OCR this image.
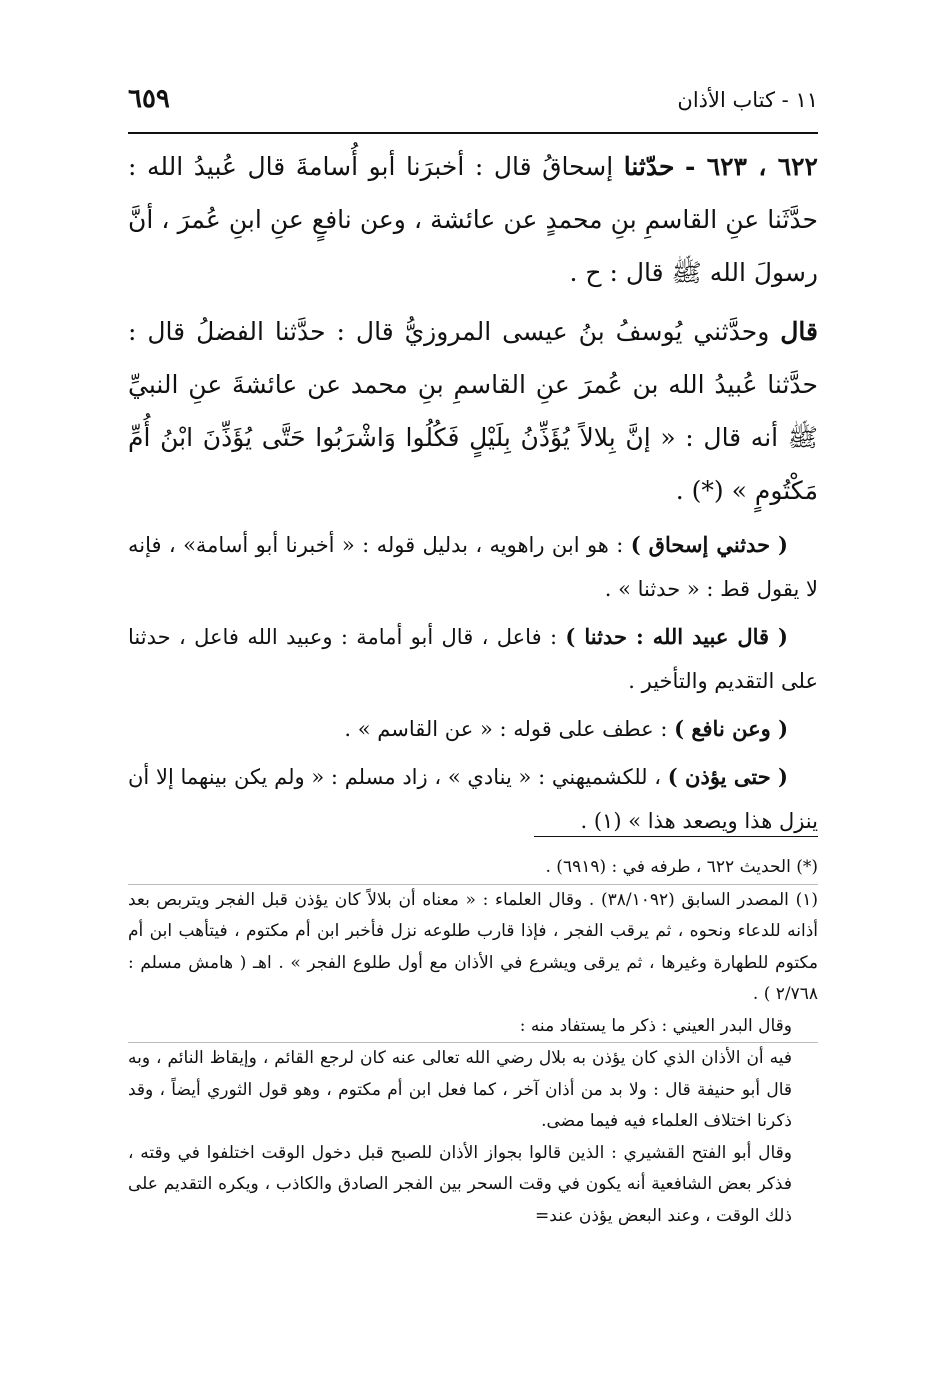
١١ - كتاب الأذان
٦٥٩

٦٢٢ ، ٦٢٣ - حدّثنا إسحاقُ قال : أخبرَنا أبو أُسامةَ قال عُبيدُ الله : حدَّثَنا عنِ القاسمِ بنِ محمدٍ عن عائشة ، وعن نافعٍ عنِ ابنِ عُمرَ ، أنَّ رسولَ الله ﷺ قال : ح .

قال وحدَّثني يُوسفُ بنُ عيسى المروزيُّ قال : حدَّثنا الفضلُ قال : حدَّثنا عُبيدُ الله بن عُمرَ عنِ القاسمِ بنِ محمد عن عائشةَ عنِ النبيِّ ﷺ أنه قال : « إنَّ بِلالاً يُؤَذِّنُ بِلَيْلٍ فَكُلُوا وَاشْرَبُوا حَتَّى يُؤَذِّنَ ابْنُ أُمِّ مَكْتُومٍ » (*) .

( حدثني إسحاق ) : هو ابن راهويه ، بدليل قوله : « أخبرنا أبو أسامة» ، فإنه لا يقول قط : « حدثنا » .

( قال عبيد الله : حدثنا ) : فاعل ، قال أبو أمامة : وعبيد الله فاعل ، حدثنا على التقديم والتأخير .

( وعن نافع ) : عطف على قوله : « عن القاسم » .

( حتى يؤذن ) ، للكشميهني : « ينادي » ، زاد مسلم : « ولم يكن بينهما إلا أن ينزل هذا ويصعد هذا » (١) .

(*) الحديث ٦٢٢ ، طرفه في : (٦٩١٩) .

(١) المصدر السابق (٣٨/١٠٩٢) . وقال العلماء : « معناه أن بلالاً كان يؤذن قبل الفجر ويتربص بعد أذانه للدعاء ونحوه ، ثم يرقب الفجر ، فإذا قارب طلوعه نزل فأخبر ابن أم مكتوم ، فيتأهب ابن أم مكتوم للطهارة وغيرها ، ثم يرقى ويشرع في الأذان مع أول طلوع الفجر » . اهـ ( هامش مسلم : ٢/٧٦٨ ) .

وقال البدر العيني : ذكر ما يستفاد منه :

فيه أن الأذان الذي كان يؤذن به بلال رضي الله تعالى عنه كان لرجع القائم ، وإيقاظ النائم ، وبه قال أبو حنيفة قال : ولا بد من أذان آخر ، كما فعل ابن أم مكتوم ، وهو قول الثوري أيضاً ، وقد ذكرنا اختلاف العلماء فيه فيما مضى.

وقال أبو الفتح القشيري : الذين قالوا بجواز الأذان للصبح قبل دخول الوقت اختلفوا في وقته ، فذكر بعض الشافعية أنه يكون في وقت السحر بين الفجر الصادق والكاذب ، ويكره التقديم على ذلك الوقت ، وعند البعض يؤذن عند=
